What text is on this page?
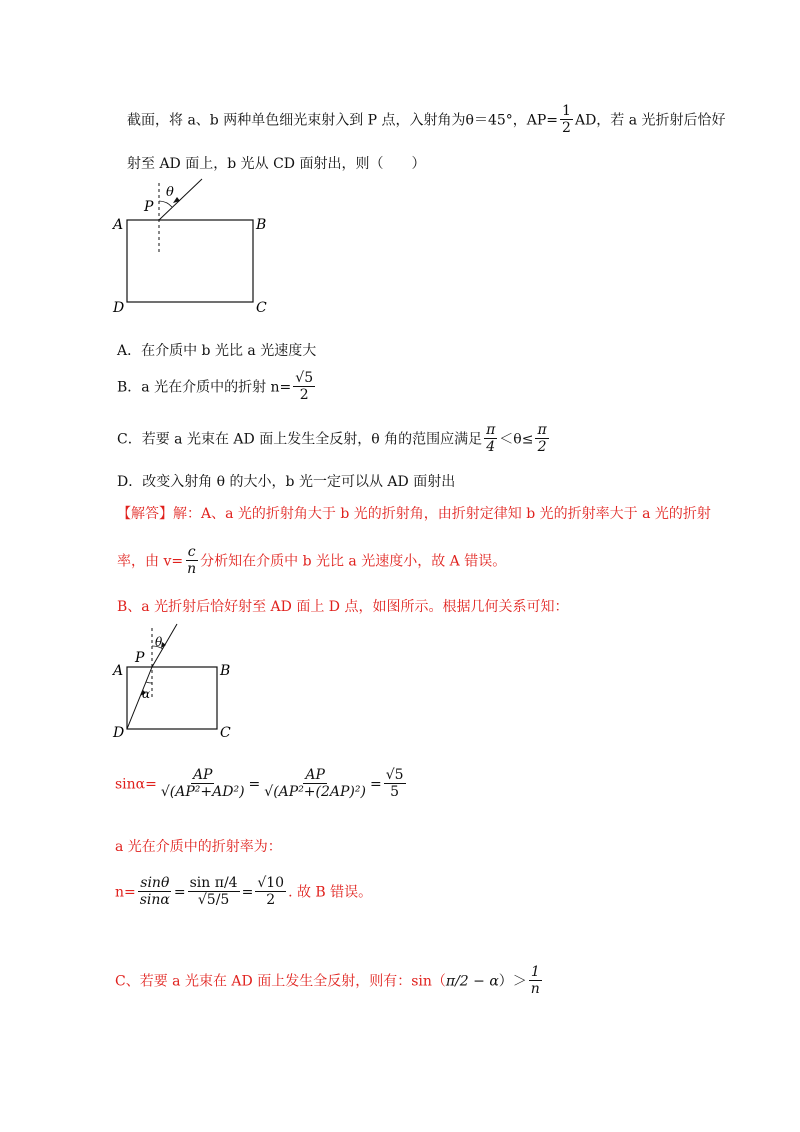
截面，将 a、b 两种单色细光束射入到 P 点，入射角为θ＝45°，$AP= \frac{1}{2}$ AD，若 a 光折射后恰好
射至 AD 面上，b 光从 CD 面射出，则（　　）
θ
P
A	B
C
D
A．在介质中 b 光比 a 光速度大
B．a 光在介质中的折射 $n= \frac{√5}{2}$
C．若要 a 光束在 AD 面上发生全反射，θ 角的范围应满足 $\frac{\pi}{4} <\theta\le \frac{\pi}{2}$
D．改变入射角 θ 的大小，b 光一定可以从 AD 面射出
【解答】解：A、a 光的折射角大于 b 光的折射角，由折射定律知 b 光的折射率大于 a 光的折射
率，由 $v= \frac{c}{n}$ 分析知在介质中 b 光比 a 光速度小，故 A 错误。
B、a 光折射后恰好射至 AD 面上 D 点，如图所示。根据几何关系可知：
θ
α
P
A	B
C
D
$\sin\alpha= \frac{AP}{\text{√(AP²+AD²)}} = \frac{AP}{\text{√(AP²+(2AP)²)}} = \frac{√5}{5}$
a 光在介质中的折射率为：
$n= \frac{\sin\theta}{\sin\alpha} = \frac{\text{sin π/4}}{√5/5} = \frac{√10}{2}$ . 故 B 错误。
C、若要 a 光束在 AD 面上发生全反射，则有：$\sin(\pi/2 - \alpha)> \frac{1}{n}$
